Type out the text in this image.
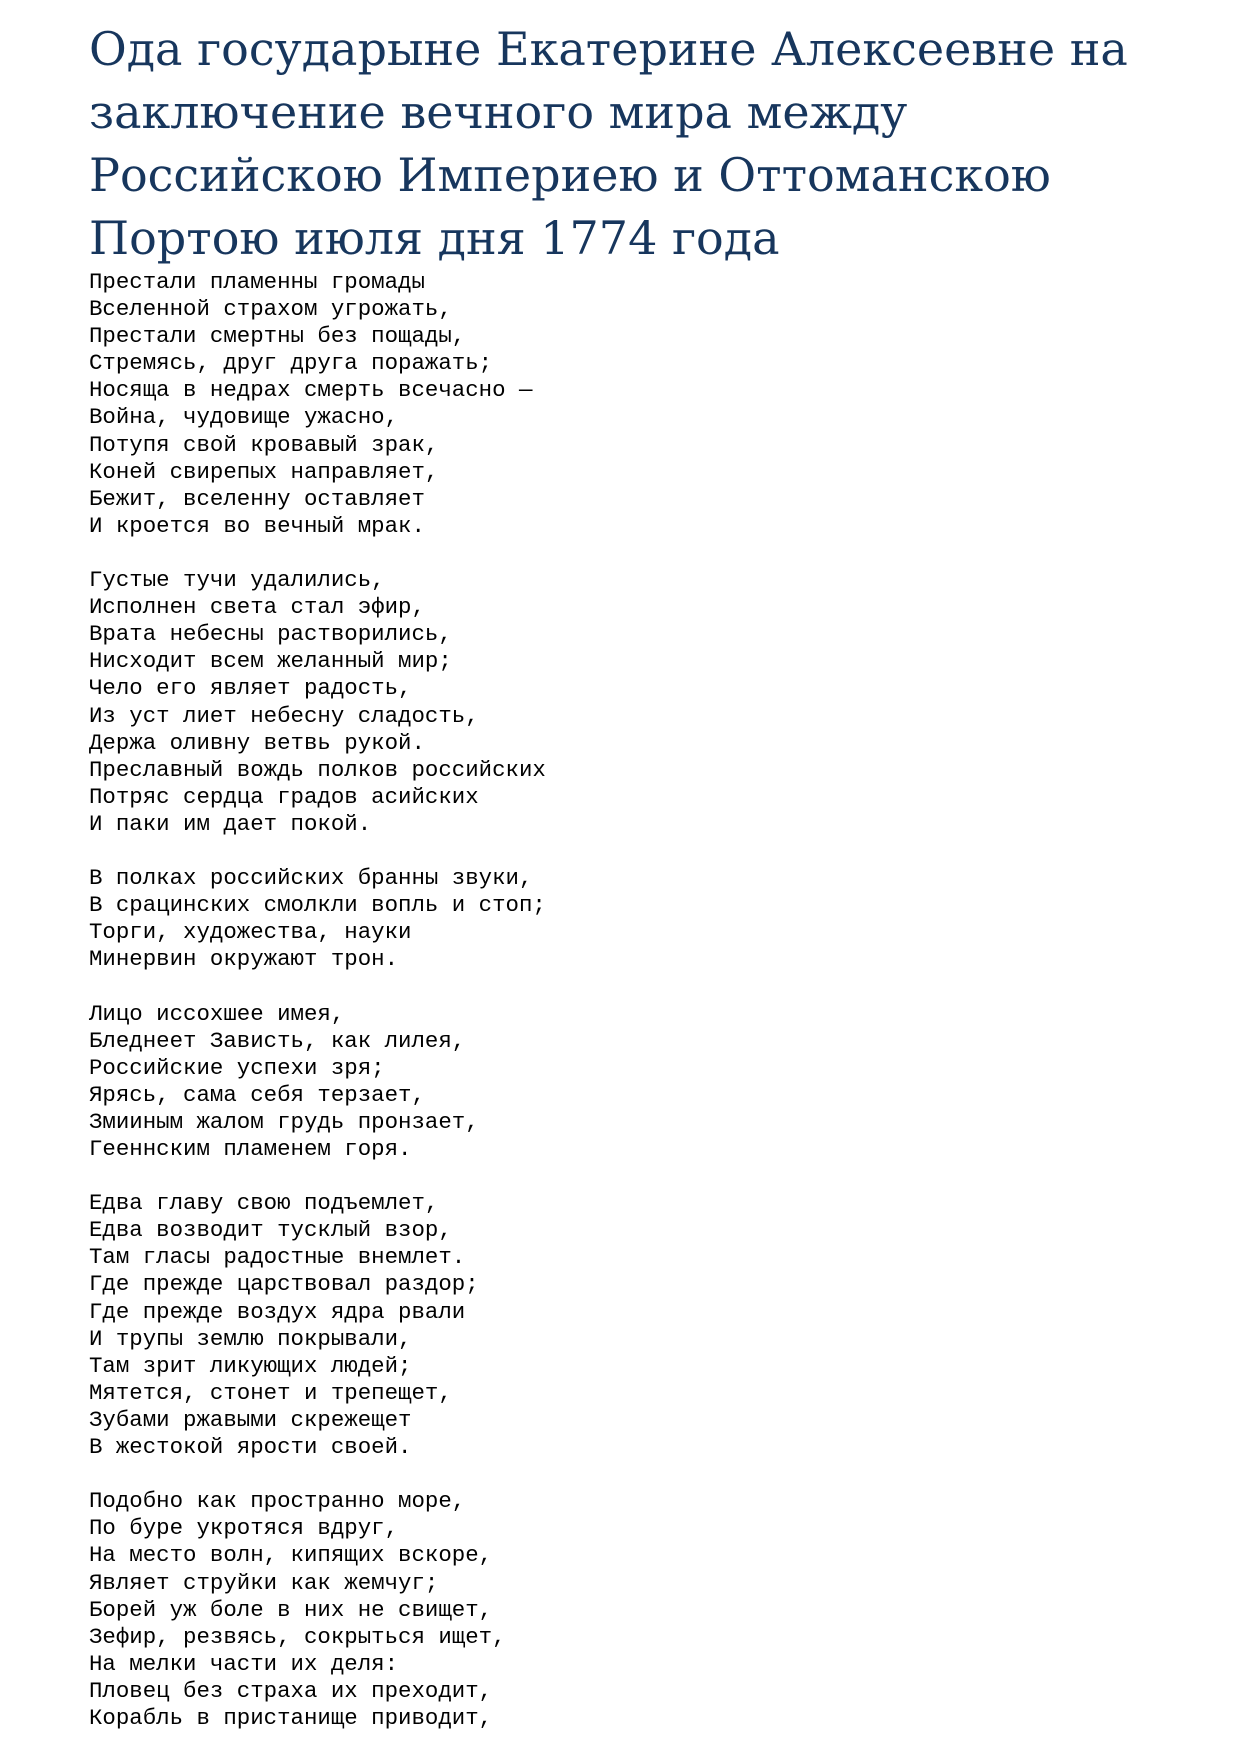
Ода государыне Екатерине Алексеевне на заключение вечного мира между Российскою Империею и Оттоманскою Портою июля дня 1774 года
Престали пламенны громады
Вселенной страхом угрожать,
Престали смертны без пощады,
Стремясь, друг друга поражать;
Носяща в недрах смерть всечасно —
Война, чудовище ужасно,
Потупя свой кровавый зрак,
Коней свирепых направляет,
Бежит, вселенну оставляет
И кроется во вечный мрак.
Густые тучи удалились,
Исполнен света стал эфир,
Врата небесны растворились,
Нисходит всем желанный мир;
Чело его являет радость,
Из уст лиет небесну сладость,
Держа оливну ветвь рукой.
Преславный вождь полков российских
Потряс сердца градов асийских
И паки им дает покой.
В полках российских бранны звуки,
В срацинских смолкли вопль и стоп;
Торги, художества, науки
Минервин окружают трон.
Лицо иссохшее имея,
Бледнеет Зависть, как лилея,
Российские успехи зря;
Ярясь, сама себя терзает,
Змииным жалом грудь пронзает,
Гееннским пламенем горя.
Едва главу свою подъемлет,
Едва возводит тусклый взор,
Там гласы радостные внемлет.
Где прежде царствовал раздор;
Где прежде воздух ядра рвали
И трупы землю покрывали,
Там зрит ликующих людей;
Мятется, стонет и трепещет,
Зубами ржавыми скрежещет
В жестокой ярости своей.
Подобно как пространно море,
По буре укротяся вдруг,
На место волн, кипящих вскоре,
Являет струйки как жемчуг;
Борей уж боле в них не свищет,
Зефир, резвясь, сокрыться ищет,
На мелки части их деля:
Пловец без страха их преходит,
Корабль в пристанище приводит,
